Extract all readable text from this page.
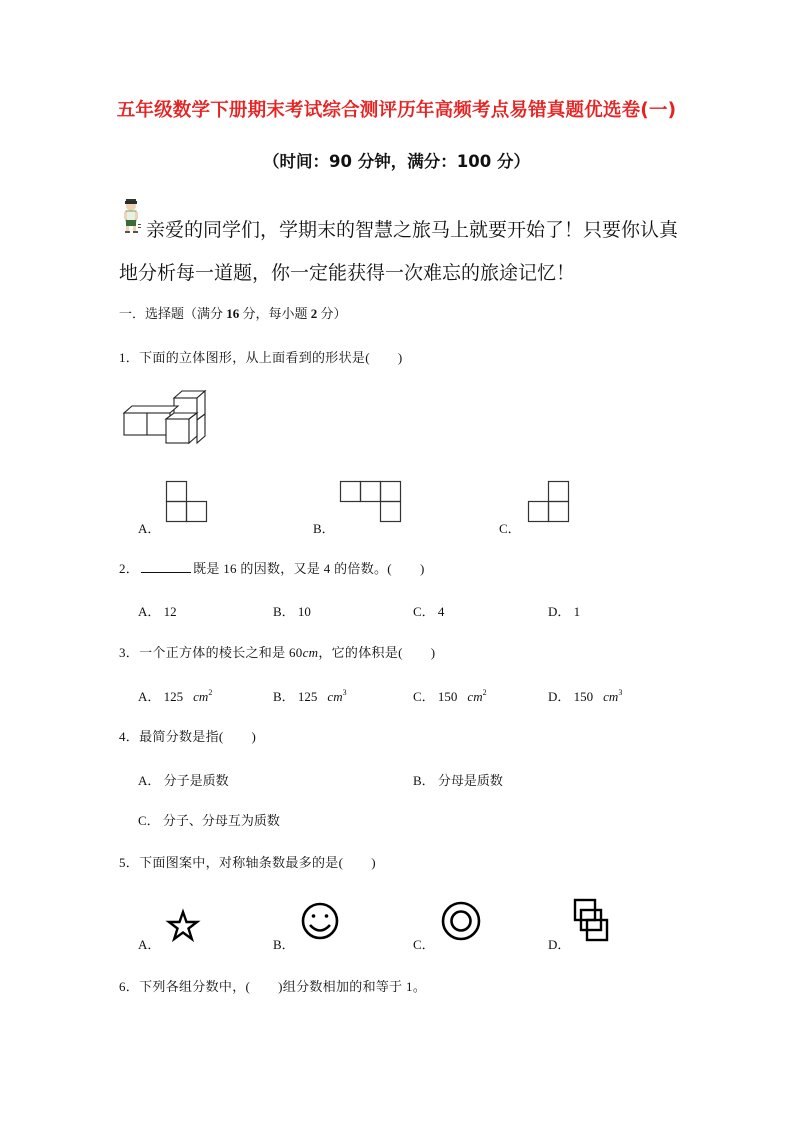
五年级数学下册期末考试综合测评历年高频考点易错真题优选卷(一)
（时间：90 分钟，满分：100 分）
亲爱的同学们，学期末的智慧之旅马上就要开始了！只要你认真
地分析每一道题，你一定能获得一次难忘的旅途记忆！
一．选择题（满分 16 分，每小题 2 分）
1．下面的立体图形，从上面看到的形状是( )
A．	B．	C．
2．	既是 16 的因数，又是 4 的倍数。( )
A． 12	B． 10	C． 4	D． 1
3．一个正方体的棱长之和是 60cm，它的体积是( )
A． 125 $cm^2$	B． 125 $cm^3$	C． 150 $cm^2$	D． 150 $cm^3$
4．最简分数是指( )
A． 分子是质数	B． 分母是质数
C． 分子、分母互为质数
5．下面图案中，对称轴条数最多的是( )
A．	B．	C．	D．
6．下列各组分数中，( )组分数相加的和等于 1。
